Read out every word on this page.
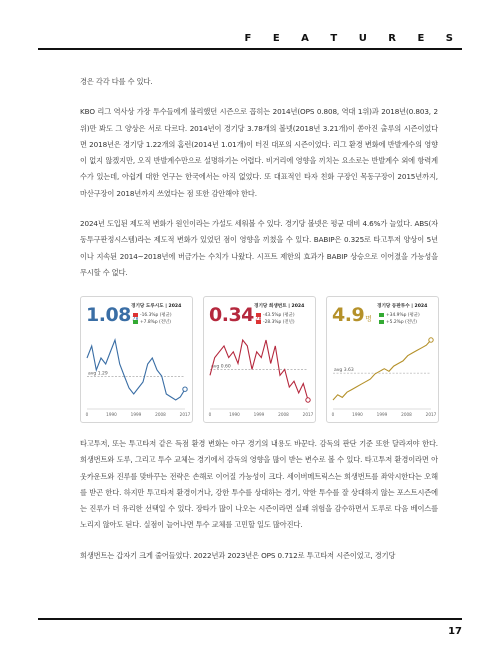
F E A T U R E S

경은 각각 다를 수 있다.

KBO 리그 역사상 가장 투수들에게 불리했던 시즌으로 꼽히는 2014년(OPS 0.808, 역대 1위)과 2018년(0.803, 2위)만 봐도 그 양상은 서로 다르다. 2014년이 경기당 3.78개의 볼넷(2018년 3.21개)이 쏟아진 출루의 시즌이었다면 2018년은 경기당 1.22개의 홈런(2014년 1.01개)이 터진 대포의 시즌이었다. 리그 환경 변화에 반발계수의 영향이 없지 않겠지만, 오직 반발계수만으로 설명하기는 어렵다. 비거리에 영향을 끼치는 요소로는 반발계수 외에 항력계수가 있는데, 아쉽게 대한 연구는 한국에서는 아직 없었다. 또 대표적인 타자 친화 구장인 목동구장이 2015년까지, 마산구장이 2018년까지 쓰였다는 점 또한 감안해야 한다.

2024년 도입된 제도적 변화가 원인이라는 가설도 세워볼 수 있다. 경기당 볼넷은 평균 대비 4.6%가 늘었다. ABS(자동투구판정시스템)라는 제도적 변화가 있었던 점이 영향을 끼쳤을 수 있다. BABIP은 0.325로 타고투저 양상이 5년이나 지속된 2014~2018년에 버금가는 수치가 나왔다. 시프트 제한의 효과가 BABIP 상승으로 이어졌을 가능성을 무시할 수 없다.

1.08 경기당 도루시도 | 2024
-16.3%p (평균)
+7.8%p (전년)
avg 1.29
0	1990	1999	2008	2017
0.34 경기당 희생번트 | 2024
-43.5%p (평균)
-28.3%p (전년)
avg 0.60
0	1990	1999	2008	2017
4.9명
경기당 등판투수 | 2024
+34.9%p (평균)
+5.2%p (전년)
avg 3.63
0	1990	1999	2008	2017

타고투저, 또는 투고타저 같은 득점 환경 변화는 야구 경기의 내용도 바꾼다. 감독의 판단 기준 또한 달라져야 한다. 희생번트와 도루, 그리고 투수 교체는 경기에서 감독의 영향을 많이 받는 변수로 볼 수 있다. 타고투저 환경이라면 아웃카운트와 진루를 맞바꾸는 전략은 손해로 이어질 가능성이 크다. 세이버메트릭스는 희생번트를 좌악시한다는 오해를 받곤 한다. 하지만 투고타저 환경이거나, 강한 투수를 상대하는 경기, 약한 투수를 잘 상대하지 않는 포스트시즌에는 진루가 더 유리한 선택일 수 있다. 장타가 많이 나오는 시즌이라면 실패 위험을 감수하면서 도루로 다음 베이스를 노리지 않아도 된다. 실점이 늘어나면 투수 교체를 고민할 일도 많아진다.

희생번트는 갑자기 크게 줄어들었다. 2022년과 2023년은 OPS 0.712로 투고타저 시즌이었고, 경기당

17
